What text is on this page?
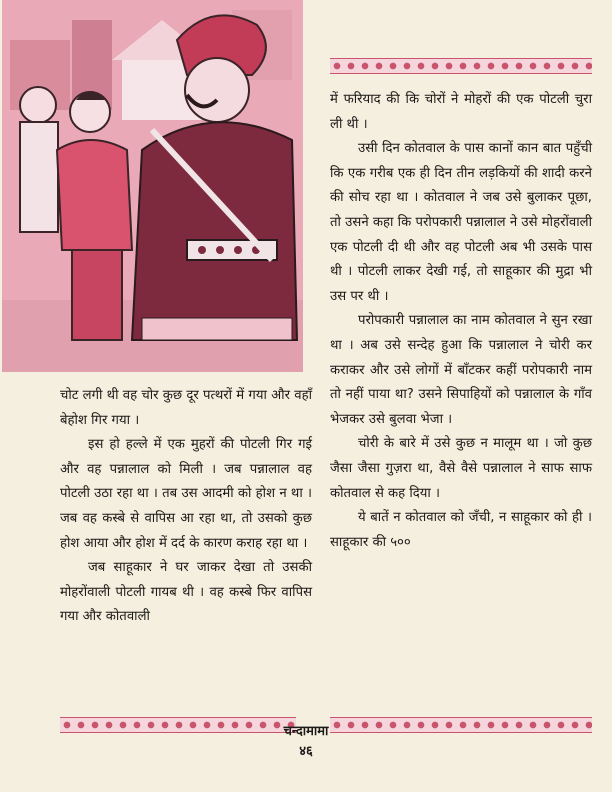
में फरियाद की कि चोरों ने मोहरों की एक पोटली चुरा ली थी ।

उसी दिन कोतवाल के पास कानों कान बात पहुँची कि एक गरीब एक ही दिन तीन लड़कियों की शादी करने की सोच रहा था । कोतवाल ने जब उसे बुलाकर पूछा, तो उसने कहा कि परोपकारी पन्नालाल ने उसे मोहरोंवाली एक पोटली दी थी और वह पोटली अब भी उसके पास थी । पोटली लाकर देखी गई, तो साहूकार की मुद्रा भी उस पर थी ।

परोपकारी पन्नालाल का नाम कोतवाल ने सुन रखा था । अब उसे सन्देह हुआ कि पन्नालाल ने चोरी कर कराकर और उसे लोगों में बाँटकर कहीं परोपकारी नाम तो नहीं पाया था? उसने सिपाहियों को पन्नालाल के गाँव भेजकर उसे बुलवा भेजा ।

चोरी के बारे में उसे कुछ न मालूम था । जो कुछ जैसा जैसा गुज़रा था, वैसे वैसे पन्नालाल ने साफ साफ कोतवाल से कह दिया ।

ये बातें न कोतवाल को जँची, न साहूकार को ही । साहूकार की ५००

चोट लगी थी वह चोर कुछ दूर पत्थरों में गया और वहाँ बेहोश गिर गया ।

इस हो हल्ले में एक मुहरों की पोटली गिर गई और वह पन्नालाल को मिली । जब पन्नालाल वह पोटली उठा रहा था । तब उस आदमी को होश न था । जब वह कस्बे से वापिस आ रहा था, तो उसको कुछ होश आया और होश में दर्द के कारण कराह रहा था ।

जब साहूकार ने घर जाकर देखा तो उसकी मोहरोंवाली पोटली गायब थी । वह कस्बे फिर वापिस गया और कोतवाली

चन्दामामा
४६
